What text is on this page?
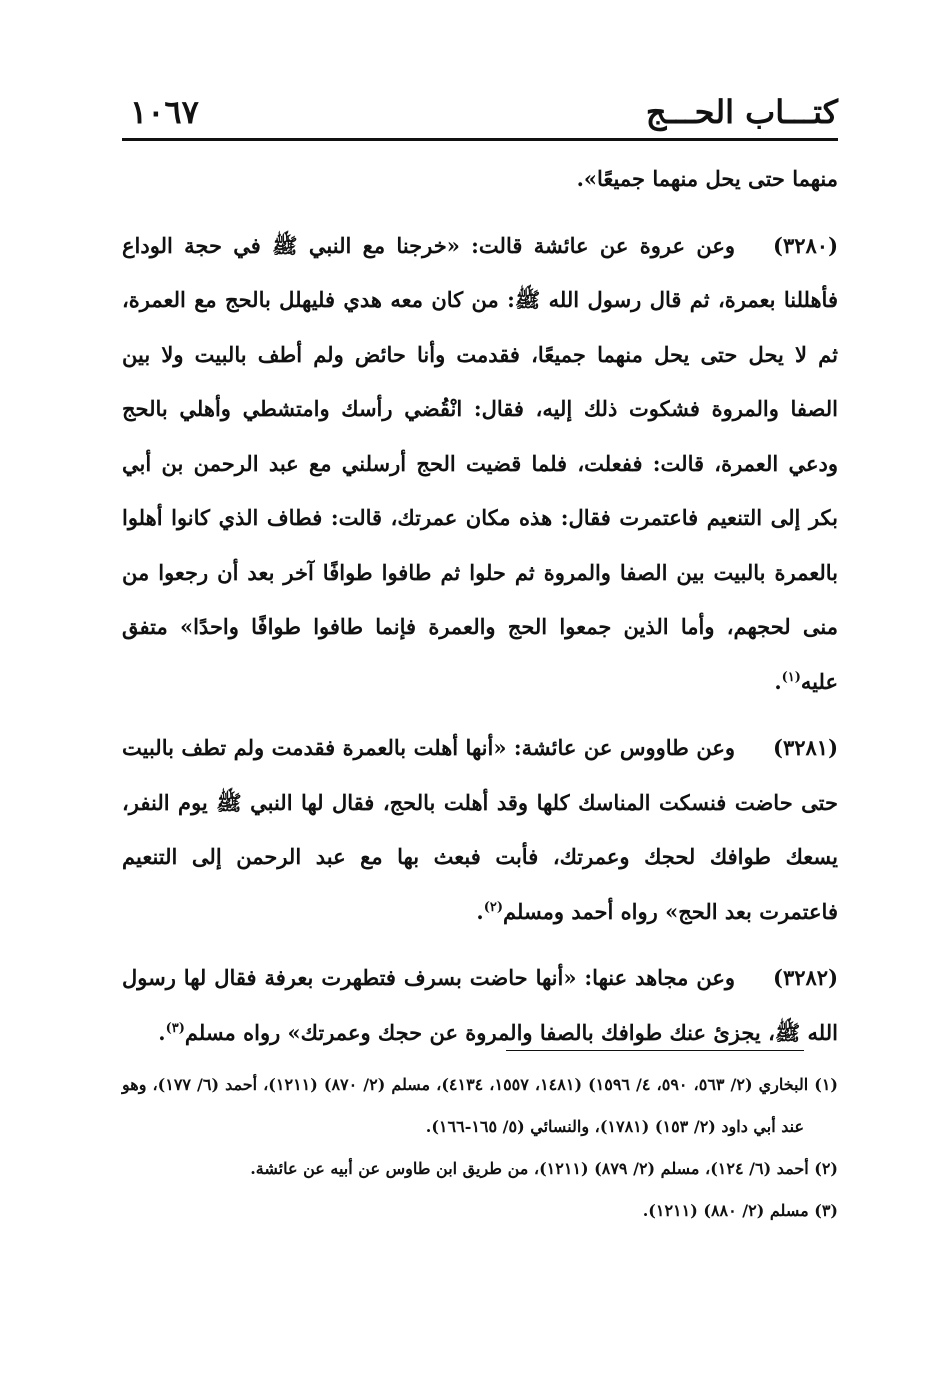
كتـــاب الحـــج
١٠٦٧

منهما حتى يحل منهما جميعًا».

(٣٢٨٠)وعن عروة عن عائشة قالت: «خرجنا مع النبي ﷺ في حجة الوداع فأهللنا بعمرة، ثم قال رسول الله ﷺ: من كان معه هدي فليهلل بالحج مع العمرة، ثم لا يحل حتى يحل منهما جميعًا، فقدمت وأنا حائض ولم أطف بالبيت ولا بين الصفا والمروة فشكوت ذلك إليه، فقال: انْقُضي رأسك وامتشطي وأهلي بالحج ودعي العمرة، قالت: ففعلت، فلما قضيت الحج أرسلني مع عبد الرحمن بن أبي بكر إلى التنعيم فاعتمرت فقال: هذه مكان عمرتك، قالت: فطاف الذي كانوا أهلوا بالعمرة بالبيت بين الصفا والمروة ثم حلوا ثم طافوا طوافًا آخر بعد أن رجعوا من منى لحجهم، وأما الذين جمعوا الحج والعمرة فإنما طافوا طوافًا واحدًا» متفق عليه$^{(١)}$.

(٣٢٨١)وعن طاووس عن عائشة: «أنها أهلت بالعمرة فقدمت ولم تطف بالبيت حتى حاضت فنسكت المناسك كلها وقد أهلت بالحج، فقال لها النبي ﷺ يوم النفر، يسعك طوافك لحجك وعمرتك، فأبت فبعث بها مع عبد الرحمن إلى التنعيم فاعتمرت بعد الحج» رواه أحمد ومسلم$^{(٢)}$.

(٣٢٨٢)وعن مجاهد عنها: «أنها حاضت بسرف فتطهرت بعرفة فقال لها رسول الله ﷺ، يجزئ عنك طوافك بالصفا والمروة عن حجك وعمرتك» رواه مسلم$^{(٣)}$.

(١) البخاري (٢/ ٥٦٣، ٥٩٠، ٤/ ١٥٩٦) (١٤٨١، ١٥٥٧، ٤١٣٤)، مسلم (٢/ ٨٧٠) (١٢١١)، أحمد (٦/ ١٧٧)، وهو عند أبي داود (٢/ ١٥٣) (١٧٨١)، والنسائي (٥/ ١٦٥-١٦٦).

(٢) أحمد (٦/ ١٢٤)، مسلم (٢/ ٨٧٩) (١٢١١)، من طريق ابن طاوس عن أبيه عن عائشة.

(٣) مسلم (٢/ ٨٨٠) (١٢١١).
